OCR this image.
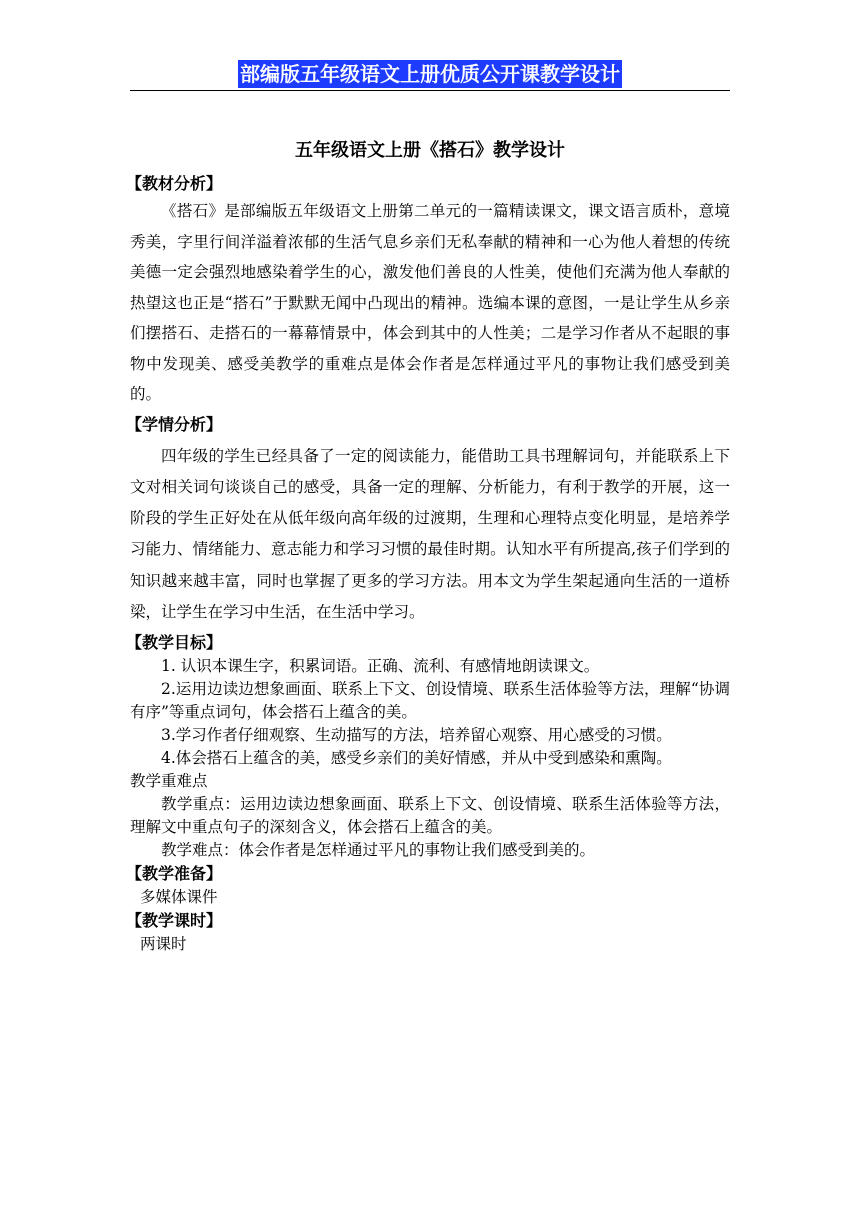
部编版五年级语文上册优质公开课教学设计
五年级语文上册《搭石》教学设计
【教材分析】

《搭石》是部编版五年级语文上册第二单元的一篇精读课文，课文语言质朴，意境秀美，字里行间洋溢着浓郁的生活气息乡亲们无私奉献的精神和一心为他人着想的传统美德一定会强烈地感染着学生的心，激发他们善良的人性美，使他们充满为他人奉献的热望这也正是“搭石”于默默无闻中凸现出的精神。选编本课的意图，一是让学生从乡亲们摆搭石、走搭石的一幕幕情景中，体会到其中的人性美；二是学习作者从不起眼的事物中发现美、感受美教学的重难点是体会作者是怎样通过平凡的事物让我们感受到美的。

【学情分析】

四年级的学生已经具备了一定的阅读能力，能借助工具书理解词句，并能联系上下文对相关词句谈谈自己的感受，具备一定的理解、分析能力，有利于教学的开展，这一阶段的学生正好处在从低年级向高年级的过渡期，生理和心理特点变化明显，是培养学习能力、情绪能力、意志能力和学习习惯的最佳时期。认知水平有所提高,孩子们学到的知识越来越丰富，同时也掌握了更多的学习方法。用本文为学生架起通向生活的一道桥梁，让学生在学习中生活，在生活中学习。

【教学目标】

1. 认识本课生字，积累词语。正确、流利、有感情地朗读课文。

2.运用边读边想象画面、联系上下文、创设情境、联系生活体验等方法，理解“协调有序”等重点词句，体会搭石上蕴含的美。

3.学习作者仔细观察、生动描写的方法，培养留心观察、用心感受的习惯。

4.体会搭石上蕴含的美，感受乡亲们的美好情感，并从中受到感染和熏陶。

教学重难点

教学重点：运用边读边想象画面、联系上下文、创设情境、联系生活体验等方法，理解文中重点句子的深刻含义，体会搭石上蕴含的美。

教学难点：体会作者是怎样通过平凡的事物让我们感受到美的。

【教学准备】

多媒体课件

【教学课时】

两课时
